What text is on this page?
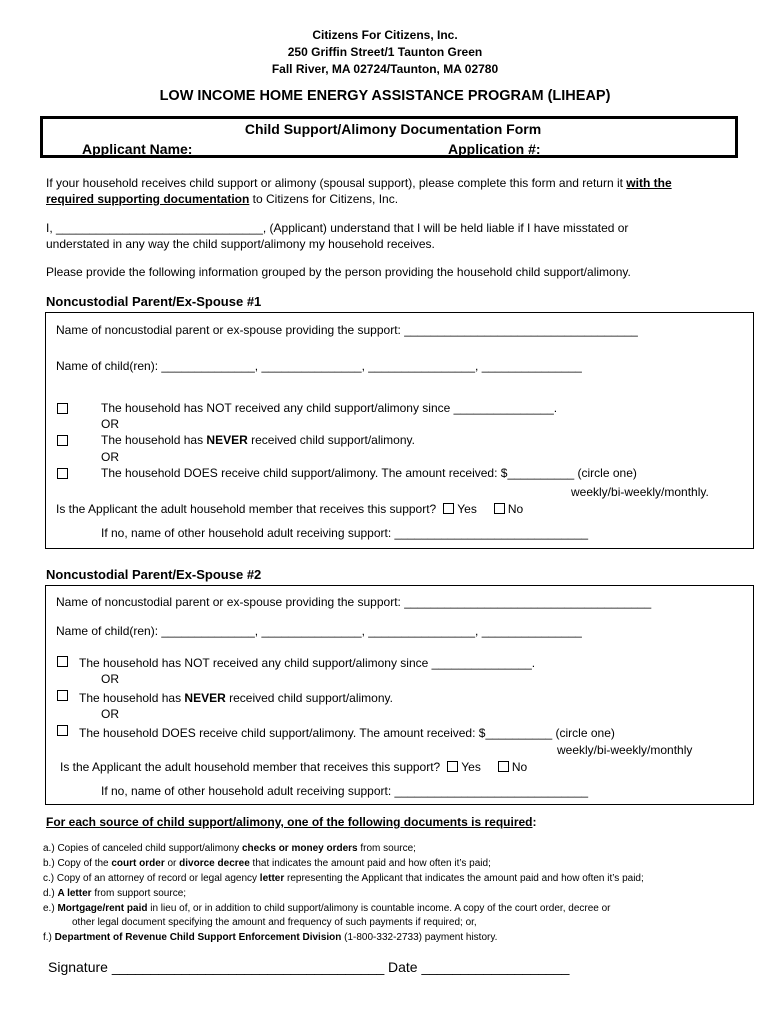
Citizens For Citizens, Inc.
250 Griffin Street/1 Taunton Green
Fall River, MA 02724/Taunton, MA 02780
LOW INCOME HOME ENERGY ASSISTANCE PROGRAM (LIHEAP)
Child Support/Alimony Documentation Form
Applicant Name: _______________________	Application #: ________________
If your household receives child support or alimony (spousal support), please complete this form and return it with the
required supporting documentation to Citizens for Citizens, Inc.
I, _______________________________, (Applicant) understand that I will be held liable if I have misstated or
understated in any way the child support/alimony my household receives.
Please provide the following information grouped by the person providing the household child support/alimony.
Noncustodial Parent/Ex-Spouse #1
Name of noncustodial parent or ex-spouse providing the support: ___________________________________
Name of child(ren): ______________, _______________, ________________, _______________
The household has NOT received any child support/alimony since _______________.
OR
The household has NEVER received child support/alimony.
OR
The household DOES receive child support/alimony. The amount received: $__________ (circle one)
weekly/bi-weekly/monthly.
Is the Applicant the adult household member that receives this support? Yes	No
If no, name of other household adult receiving support: _____________________________
Noncustodial Parent/Ex-Spouse #2
Name of noncustodial parent or ex-spouse providing the support: _____________________________________
Name of child(ren): ______________, _______________, ________________, _______________
The household has NOT received any child support/alimony since _______________.
OR
The household has NEVER received child support/alimony.
OR
The household DOES receive child support/alimony. The amount received: $__________ (circle one)
weekly/bi-weekly/monthly
Is the Applicant the adult household member that receives this support? Yes	No
If no, name of other household adult receiving support: _____________________________
For each source of child support/alimony, one of the following documents is required:
a.) Copies of canceled child support/alimony checks or money orders from source;
b.) Copy of the court order or divorce decree that indicates the amount paid and how often it’s paid;
c.) Copy of an attorney of record or legal agency letter representing the Applicant that indicates the amount paid and how often it’s paid;
d.) A letter from support source;
e.) Mortgage/rent paid in lieu of, or in addition to child support/alimony is countable income. A copy of the court order, decree or
other legal document specifying the amount and frequency of such payments if required; or,
f.) Department of Revenue Child Support Enforcement Division (1-800-332-2733) payment history.
Signature ___________________________________ Date ___________________
